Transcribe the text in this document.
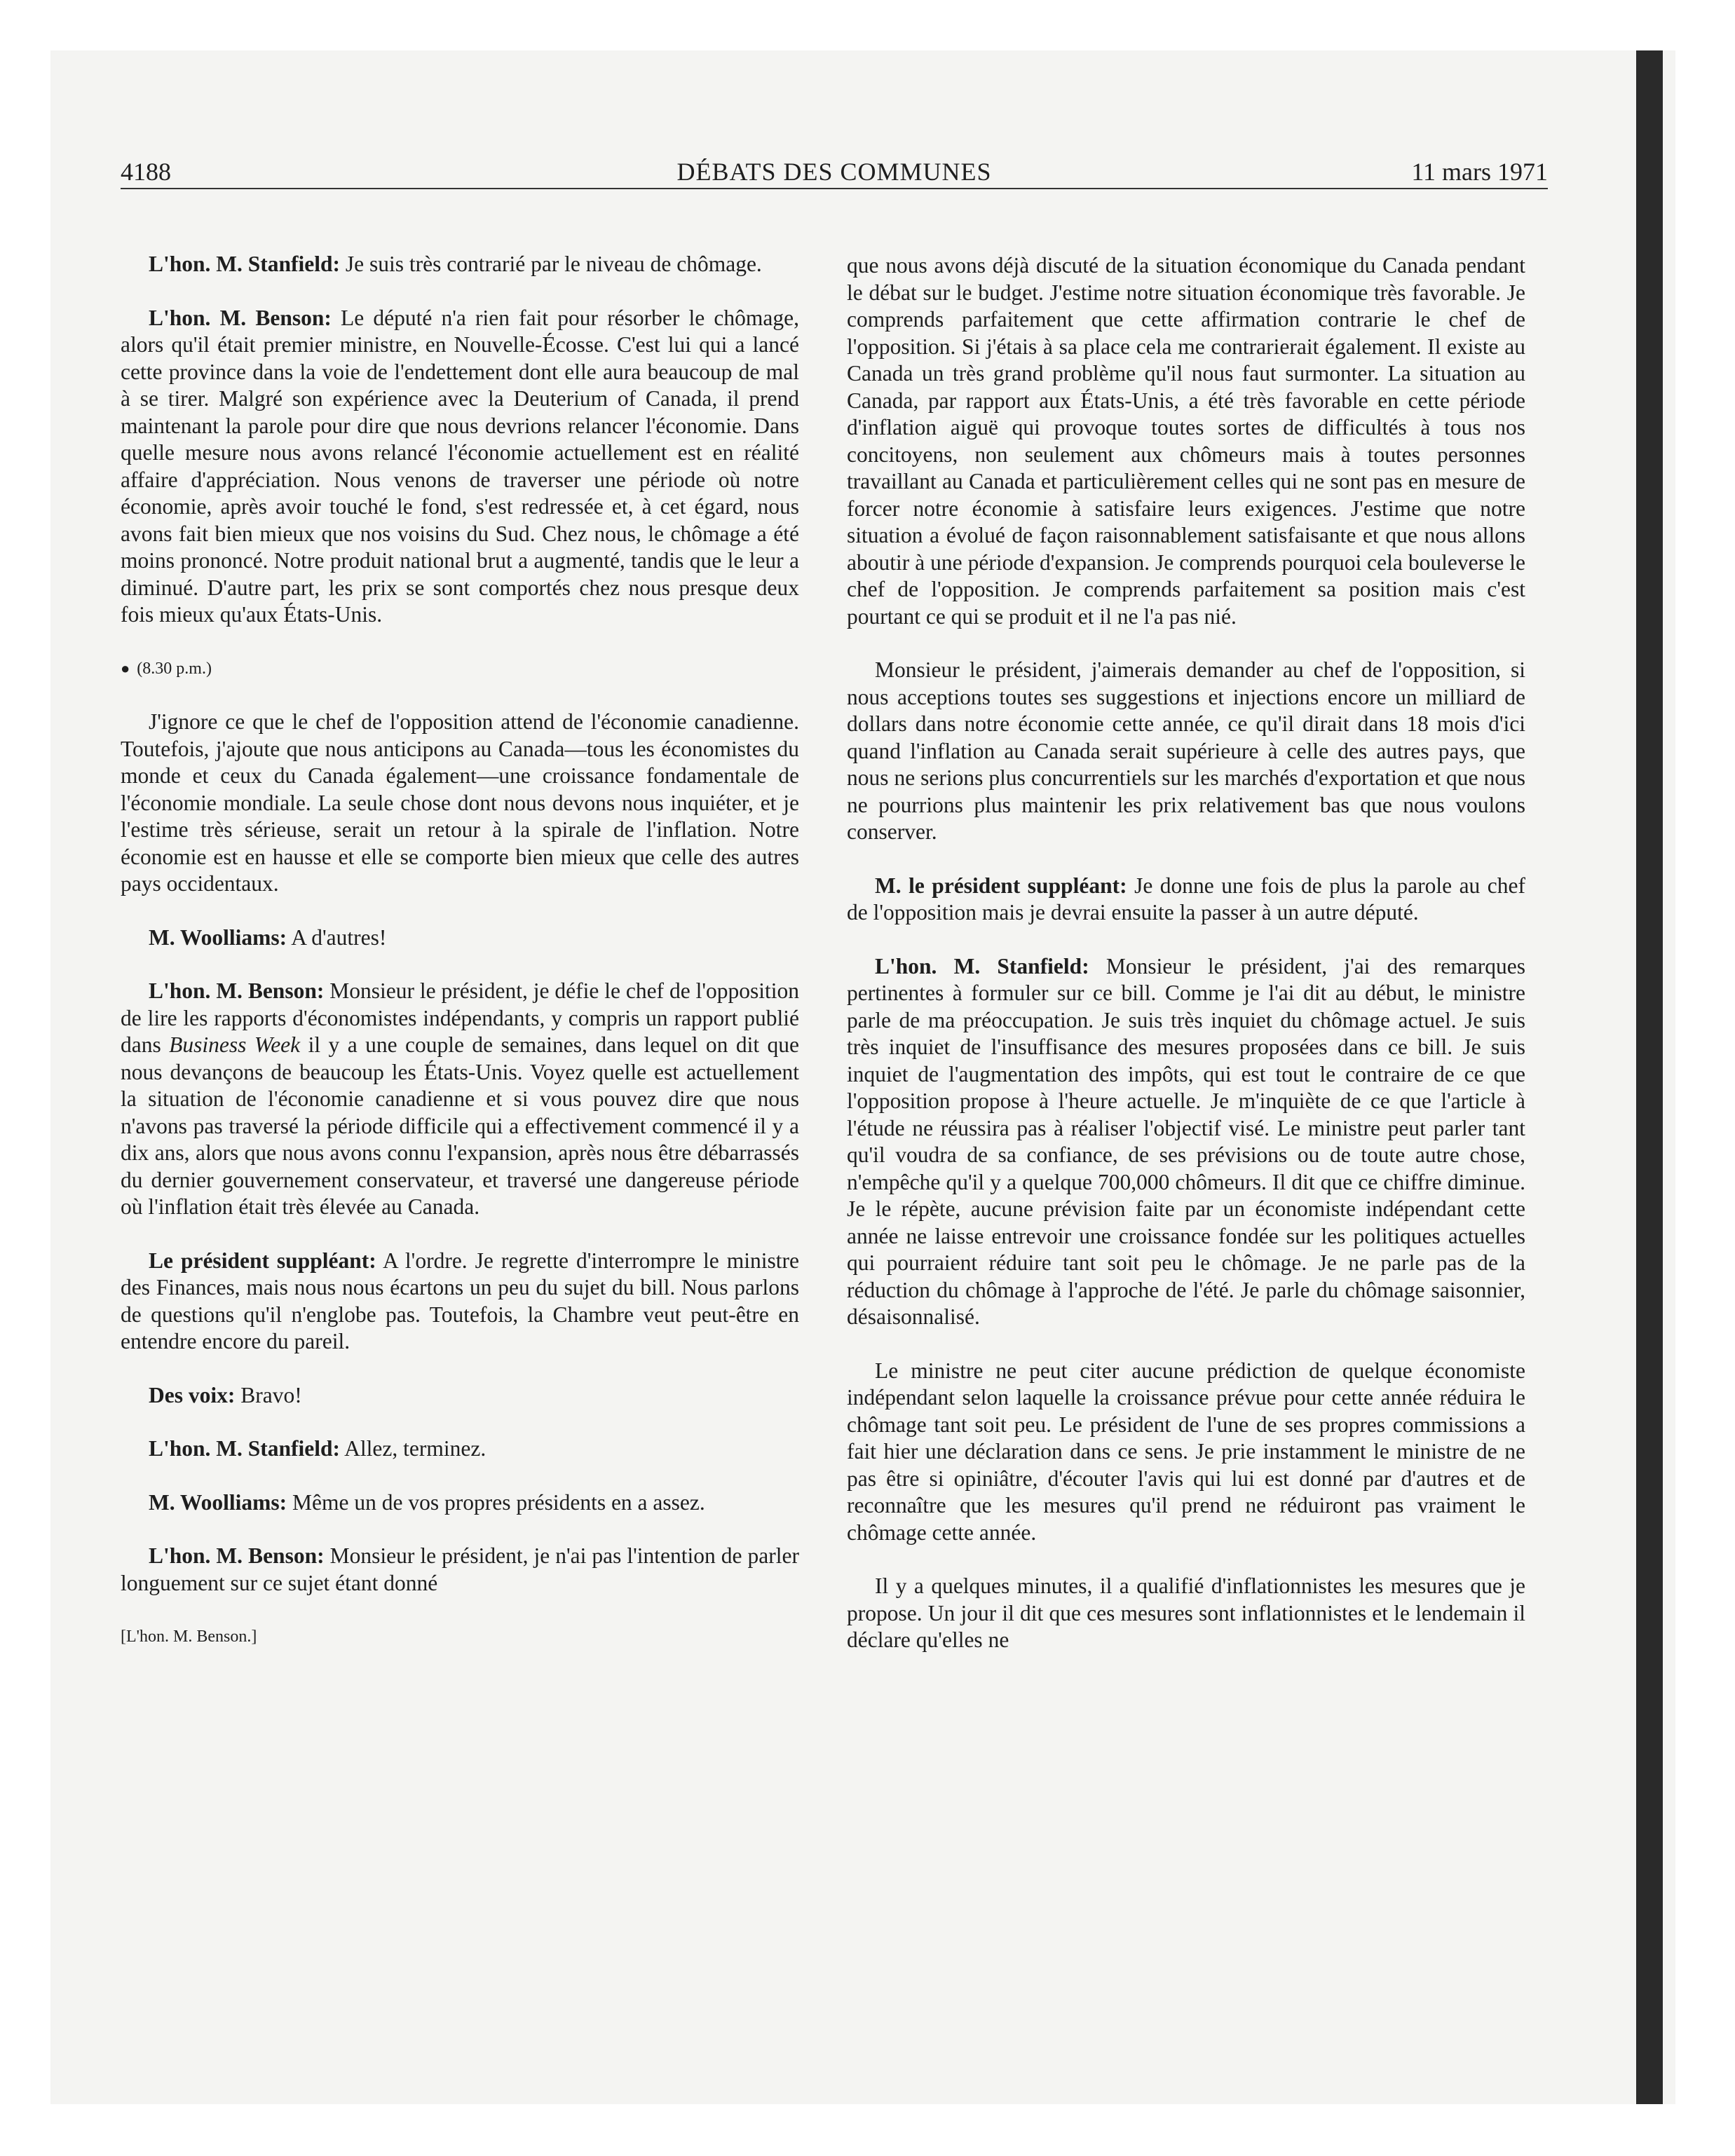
4188	DÉBATS DES COMMUNES	11 mars 1971

L'hon. M. Stanfield: Je suis très contrarié par le niveau de chômage.

L'hon. M. Benson: Le député n'a rien fait pour résorber le chômage, alors qu'il était premier ministre, en Nouvelle-Écosse. C'est lui qui a lancé cette province dans la voie de l'endettement dont elle aura beaucoup de mal à se tirer. Malgré son expérience avec la Deuterium of Canada, il prend maintenant la parole pour dire que nous devrions relancer l'économie. Dans quelle mesure nous avons relancé l'économie actuellement est en réalité affaire d'appréciation. Nous venons de traverser une période où notre économie, après avoir touché le fond, s'est redressée et, à cet égard, nous avons fait bien mieux que nos voisins du Sud. Chez nous, le chômage a été moins prononcé. Notre produit national brut a augmenté, tandis que le leur a diminué. D'autre part, les prix se sont comportés chez nous presque deux fois mieux qu'aux États-Unis.

● (8.30 p.m.)

J'ignore ce que le chef de l'opposition attend de l'économie canadienne. Toutefois, j'ajoute que nous anticipons au Canada—tous les économistes du monde et ceux du Canada également—une croissance fondamentale de l'économie mondiale. La seule chose dont nous devons nous inquiéter, et je l'estime très sérieuse, serait un retour à la spirale de l'inflation. Notre économie est en hausse et elle se comporte bien mieux que celle des autres pays occidentaux.

M. Woolliams: A d'autres!

L'hon. M. Benson: Monsieur le président, je défie le chef de l'opposition de lire les rapports d'économistes indépendants, y compris un rapport publié dans Business Week il y a une couple de semaines, dans lequel on dit que nous devançons de beaucoup les États-Unis. Voyez quelle est actuellement la situation de l'économie canadienne et si vous pouvez dire que nous n'avons pas traversé la période difficile qui a effectivement commencé il y a dix ans, alors que nous avons connu l'expansion, après nous être débarrassés du dernier gouvernement conservateur, et traversé une dangereuse période où l'inflation était très élevée au Canada.

Le président suppléant: A l'ordre. Je regrette d'interrompre le ministre des Finances, mais nous nous écartons un peu du sujet du bill. Nous parlons de questions qu'il n'englobe pas. Toutefois, la Chambre veut peut-être en entendre encore du pareil.

Des voix: Bravo!

L'hon. M. Stanfield: Allez, terminez.

M. Woolliams: Même un de vos propres présidents en a assez.

L'hon. M. Benson: Monsieur le président, je n'ai pas l'intention de parler longuement sur ce sujet étant donné

[L'hon. M. Benson.]

que nous avons déjà discuté de la situation économique du Canada pendant le débat sur le budget. J'estime notre situation économique très favorable. Je comprends parfaitement que cette affirmation contrarie le chef de l'opposition. Si j'étais à sa place cela me contrarierait également. Il existe au Canada un très grand problème qu'il nous faut surmonter. La situation au Canada, par rapport aux États-Unis, a été très favorable en cette période d'inflation aiguë qui provoque toutes sortes de difficultés à tous nos concitoyens, non seulement aux chômeurs mais à toutes personnes travaillant au Canada et particulièrement celles qui ne sont pas en mesure de forcer notre économie à satisfaire leurs exigences. J'estime que notre situation a évolué de façon raisonnablement satisfaisante et que nous allons aboutir à une période d'expansion. Je comprends pourquoi cela bouleverse le chef de l'opposition. Je comprends parfaitement sa position mais c'est pourtant ce qui se produit et il ne l'a pas nié.

Monsieur le président, j'aimerais demander au chef de l'opposition, si nous acceptions toutes ses suggestions et injections encore un milliard de dollars dans notre économie cette année, ce qu'il dirait dans 18 mois d'ici quand l'inflation au Canada serait supérieure à celle des autres pays, que nous ne serions plus concurrentiels sur les marchés d'exportation et que nous ne pourrions plus maintenir les prix relativement bas que nous voulons conserver.

M. le président suppléant: Je donne une fois de plus la parole au chef de l'opposition mais je devrai ensuite la passer à un autre député.

L'hon. M. Stanfield: Monsieur le président, j'ai des remarques pertinentes à formuler sur ce bill. Comme je l'ai dit au début, le ministre parle de ma préoccupation. Je suis très inquiet du chômage actuel. Je suis très inquiet de l'insuffisance des mesures proposées dans ce bill. Je suis inquiet de l'augmentation des impôts, qui est tout le contraire de ce que l'opposition propose à l'heure actuelle. Je m'inquiète de ce que l'article à l'étude ne réussira pas à réaliser l'objectif visé. Le ministre peut parler tant qu'il voudra de sa confiance, de ses prévisions ou de toute autre chose, n'empêche qu'il y a quelque 700,000 chômeurs. Il dit que ce chiffre diminue. Je le répète, aucune prévision faite par un économiste indépendant cette année ne laisse entrevoir une croissance fondée sur les politiques actuelles qui pourraient réduire tant soit peu le chômage. Je ne parle pas de la réduction du chômage à l'approche de l'été. Je parle du chômage saisonnier, désaisonnalisé.

Le ministre ne peut citer aucune prédiction de quelque économiste indépendant selon laquelle la croissance prévue pour cette année réduira le chômage tant soit peu. Le président de l'une de ses propres commissions a fait hier une déclaration dans ce sens. Je prie instamment le ministre de ne pas être si opiniâtre, d'écouter l'avis qui lui est donné par d'autres et de reconnaître que les mesures qu'il prend ne réduiront pas vraiment le chômage cette année.

Il y a quelques minutes, il a qualifié d'inflationnistes les mesures que je propose. Un jour il dit que ces mesures sont inflationnistes et le lendemain il déclare qu'elles ne
